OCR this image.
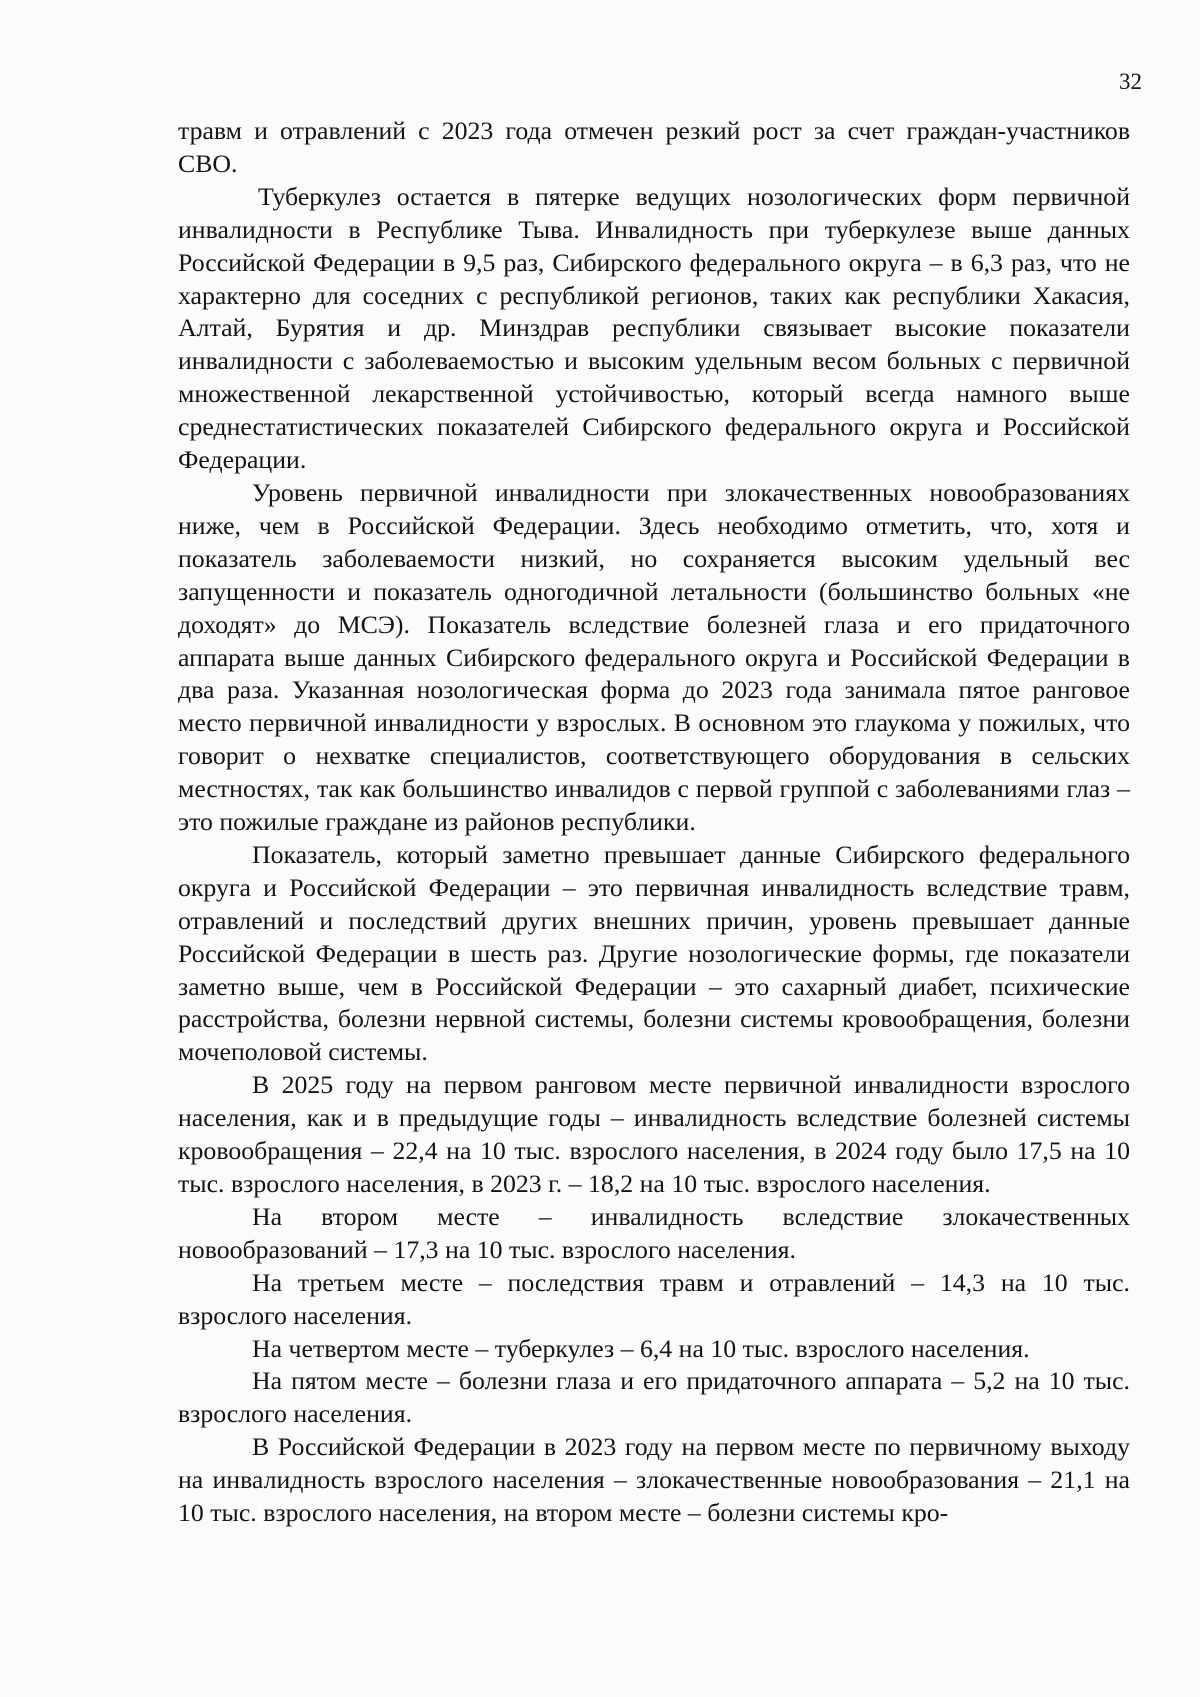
32

травм и отравлений с 2023 года отмечен резкий рост за счет граждан-участников СВО.

Туберкулез остается в пятерке ведущих нозологических форм первичной инвалидности в Республике Тыва. Инвалидность при туберкулезе выше данных Российской Федерации в 9,5 раз, Сибирского федерального округа – в 6,3 раз, что не характерно для соседних с республикой регионов, таких как республики Хакасия, Алтай, Бурятия и др. Минздрав республики связывает высокие показатели инвалидности с заболеваемостью и высоким удельным весом больных с первичной множественной лекарственной устойчивостью, который всегда намного выше среднестатистических показателей Сибирского федерального округа и Российской Федерации.

Уровень первичной инвалидности при злокачественных новообразованиях ниже, чем в Российской Федерации. Здесь необходимо отметить, что, хотя и показатель заболеваемости низкий, но сохраняется высоким удельный вес запущенности и показатель одногодичной летальности (большинство больных «не доходят» до МСЭ). Показатель вследствие болезней глаза и его придаточного аппарата выше данных Сибирского федерального округа и Российской Федерации в два раза. Указанная нозологическая форма до 2023 года занимала пятое ранговое место первичной инвалидности у взрослых. В основном это глаукома у пожилых, что говорит о нехватке специалистов, соответствующего оборудования в сельских местностях, так как большинство инвалидов с первой группой с заболеваниями глаз – это пожилые граждане из районов республики.

Показатель, который заметно превышает данные Сибирского федерального округа и Российской Федерации – это первичная инвалидность вследствие травм, отравлений и последствий других внешних причин, уровень превышает данные Российской Федерации в шесть раз. Другие нозологические формы, где показатели заметно выше, чем в Российской Федерации – это сахарный диабет, психические расстройства, болезни нервной системы, болезни системы кровообращения, болезни мочеполовой системы.

В 2025 году на первом ранговом месте первичной инвалидности взрослого населения, как и в предыдущие годы – инвалидность вследствие болезней системы кровообращения – 22,4 на 10 тыс. взрослого населения, в 2024 году было 17,5 на 10 тыс. взрослого населения, в 2023 г. – 18,2 на 10 тыс. взрослого населения.

На втором месте – инвалидность вследствие злокачественных новообразований – 17,3 на 10 тыс. взрослого населения.

На третьем месте – последствия травм и отравлений – 14,3 на 10 тыс. взрослого населения.

На четвертом месте – туберкулез – 6,4 на 10 тыс. взрослого населения.

На пятом месте – болезни глаза и его придаточного аппарата – 5,2 на 10 тыс. взрослого населения.

В Российской Федерации в 2023 году на первом месте по первичному выходу на инвалидность взрослого населения – злокачественные новообразования – 21,1 на 10 тыс. взрослого населения, на втором месте – болезни системы кро-
